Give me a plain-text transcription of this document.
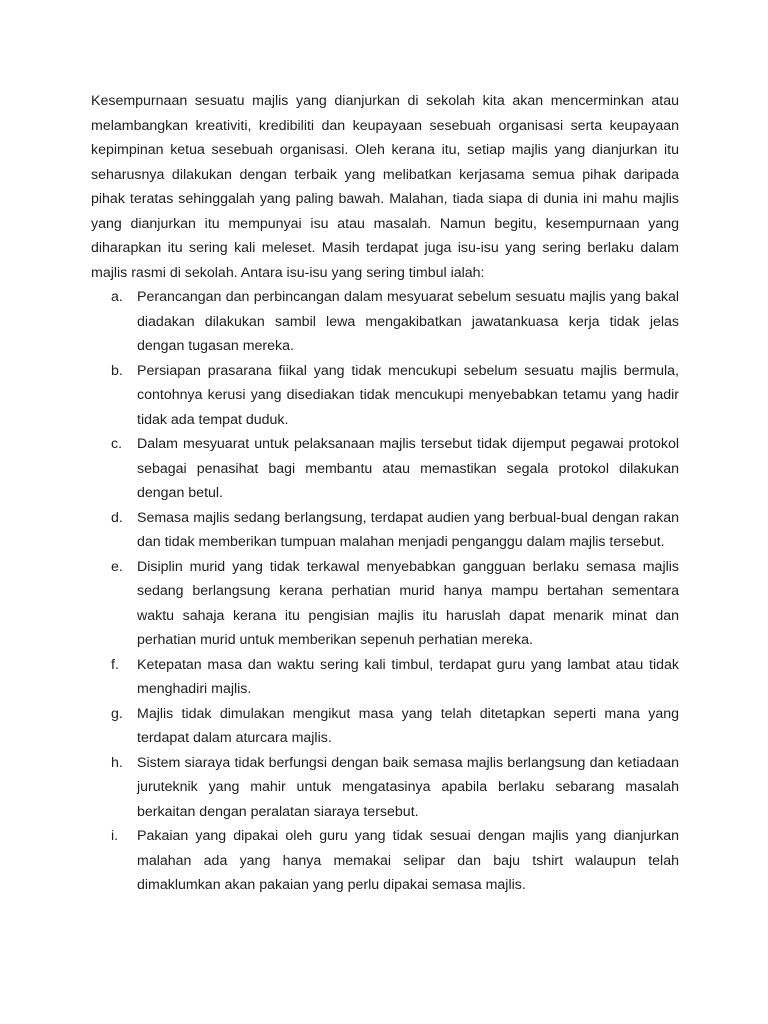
Kesempurnaan sesuatu majlis yang dianjurkan di sekolah kita akan mencerminkan atau melambangkan kreativiti, kredibiliti dan keupayaan sesebuah organisasi serta keupayaan kepimpinan ketua sesebuah organisasi. Oleh kerana itu, setiap majlis yang dianjurkan itu seharusnya dilakukan dengan terbaik yang melibatkan kerjasama semua pihak daripada pihak teratas sehinggalah yang paling bawah. Malahan, tiada siapa di dunia ini mahu majlis yang dianjurkan itu mempunyai isu atau masalah. Namun begitu, kesempurnaan yang diharapkan itu sering kali meleset. Masih terdapat juga isu-isu yang sering berlaku dalam majlis rasmi di sekolah. Antara isu-isu yang sering timbul ialah:

a. Perancangan dan perbincangan dalam mesyuarat sebelum sesuatu majlis yang bakal diadakan dilakukan sambil lewa mengakibatkan jawatankuasa kerja tidak jelas dengan tugasan mereka.
b. Persiapan prasarana fiikal yang tidak mencukupi sebelum sesuatu majlis bermula, contohnya kerusi yang disediakan tidak mencukupi menyebabkan tetamu yang hadir tidak ada tempat duduk.
c. Dalam mesyuarat untuk pelaksanaan majlis tersebut tidak dijemput pegawai protokol sebagai penasihat bagi membantu atau memastikan segala protokol dilakukan dengan betul.
d. Semasa majlis sedang berlangsung, terdapat audien yang berbual-bual dengan rakan dan tidak memberikan tumpuan malahan menjadi penganggu dalam majlis tersebut.
e. Disiplin murid yang tidak terkawal menyebabkan gangguan berlaku semasa majlis sedang berlangsung kerana perhatian murid hanya mampu bertahan sementara waktu sahaja kerana itu pengisian majlis itu haruslah dapat menarik minat dan perhatian murid untuk memberikan sepenuh perhatian mereka.
f. Ketepatan masa dan waktu sering kali timbul, terdapat guru yang lambat atau tidak menghadiri majlis.
g. Majlis tidak dimulakan mengikut masa yang telah ditetapkan seperti mana yang terdapat dalam aturcara majlis.
h. Sistem siaraya tidak berfungsi dengan baik semasa majlis berlangsung dan ketiadaan juruteknik yang mahir untuk mengatasinya apabila berlaku sebarang masalah berkaitan dengan peralatan siaraya tersebut.
i. Pakaian yang dipakai oleh guru yang tidak sesuai dengan majlis yang dianjurkan malahan ada yang hanya memakai selipar dan baju tshirt walaupun telah dimaklumkan akan pakaian yang perlu dipakai semasa majlis.
